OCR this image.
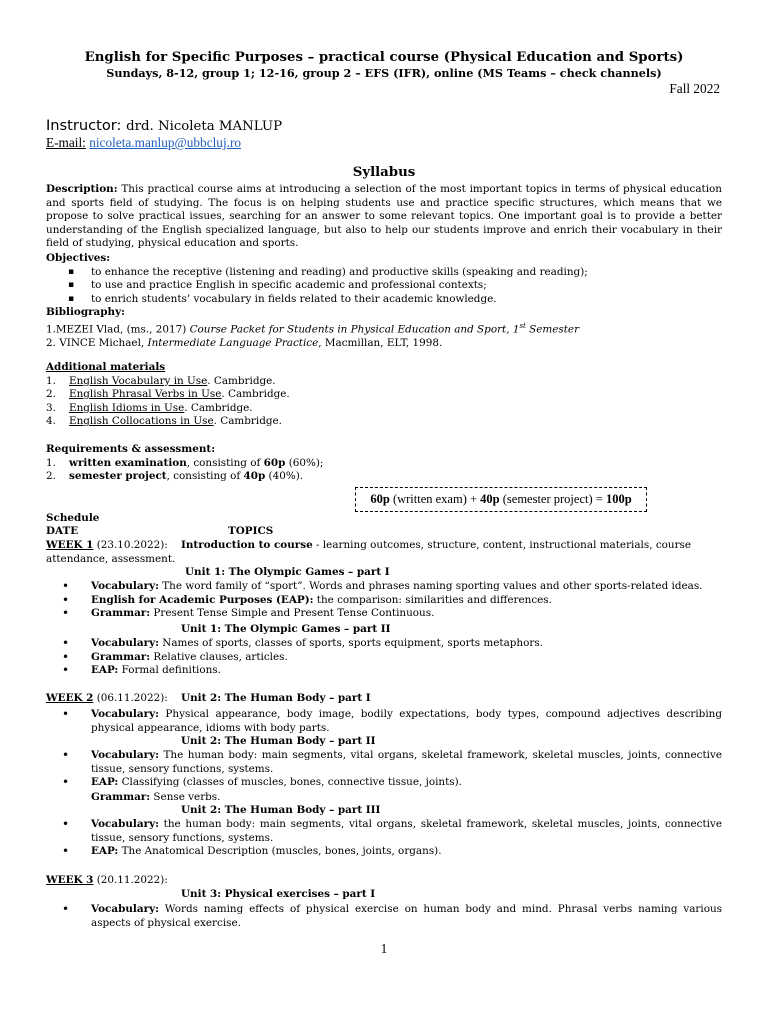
English for Specific Purposes – practical course (Physical Education and Sports)
Sundays, 8-12, group 1; 12-16, group 2 – EFS (IFR), online (MS Teams – check channels)
Fall 2022
Instructor: drd. Nicoleta MANLUP
E-mail: nicoleta.manlup@ubbcluj.ro
Syllabus
Description: This practical course aims at introducing a selection of the most important topics in terms of physical education and sports field of studying. The focus is on helping students use and practice specific structures, which means that we propose to solve practical issues, searching for an answer to some relevant topics. One important goal is to provide a better understanding of the English specialized language, but also to help our students improve and enrich their vocabulary in their field of studying, physical education and sports.
Objectives:
▪ to enhance the receptive (listening and reading) and productive skills (speaking and reading);
▪ to use and practice English in specific academic and professional contexts;
▪ to enrich students’ vocabulary in fields related to their academic knowledge.
Bibliography:
1.MEZEI Vlad, (ms., 2017) Course Packet for Students in Physical Education and Sport, 1st Semester
2. VINCE Michael, Intermediate Language Practice, Macmillan, ELT, 1998.
Additional materials
1. English Vocabulary in Use. Cambridge.
2. English Phrasal Verbs in Use. Cambridge.
3. English Idioms in Use. Cambridge.
4. English Collocations in Use. Cambridge.
Requirements & assessment:
1. written examination, consisting of 60p (60%);
2. semester project, consisting of 40p (40%).
60p (written exam) + 40p (semester project) = 100p
Schedule
DATE	TOPICS
WEEK 1 (23.10.2022): Introduction to course - learning outcomes, structure, content, instructional materials, course
attendance, assessment.
Unit 1: The Olympic Games – part I
• Vocabulary: The word family of “sport”. Words and phrases naming sporting values and other sports-related ideas.
• English for Academic Purposes (EAP): the comparison: similarities and differences.
• Grammar: Present Tense Simple and Present Tense Continuous.
Unit 1: The Olympic Games – part II
• Vocabulary: Names of sports, classes of sports, sports equipment, sports metaphors.
• Grammar: Relative clauses, articles.
• EAP: Formal definitions.
WEEK 2 (06.11.2022): Unit 2: The Human Body – part I
• Vocabulary: Physical appearance, body image, bodily expectations, body types, compound adjectives describing physical appearance, idioms with body parts.
Unit 2: The Human Body – part II
• Vocabulary: The human body: main segments, vital organs, skeletal framework, skeletal muscles, joints, connective tissue, sensory functions, systems.
• EAP: Classifying (classes of muscles, bones, connective tissue, joints).
Grammar: Sense verbs.
Unit 2: The Human Body – part III
• Vocabulary: the human body: main segments, vital organs, skeletal framework, skeletal muscles, joints, connective tissue, sensory functions, systems.
• EAP: The Anatomical Description (muscles, bones, joints, organs).
WEEK 3 (20.11.2022):
Unit 3: Physical exercises – part I
• Vocabulary: Words naming effects of physical exercise on human body and mind. Phrasal verbs naming various aspects of physical exercise.
1
